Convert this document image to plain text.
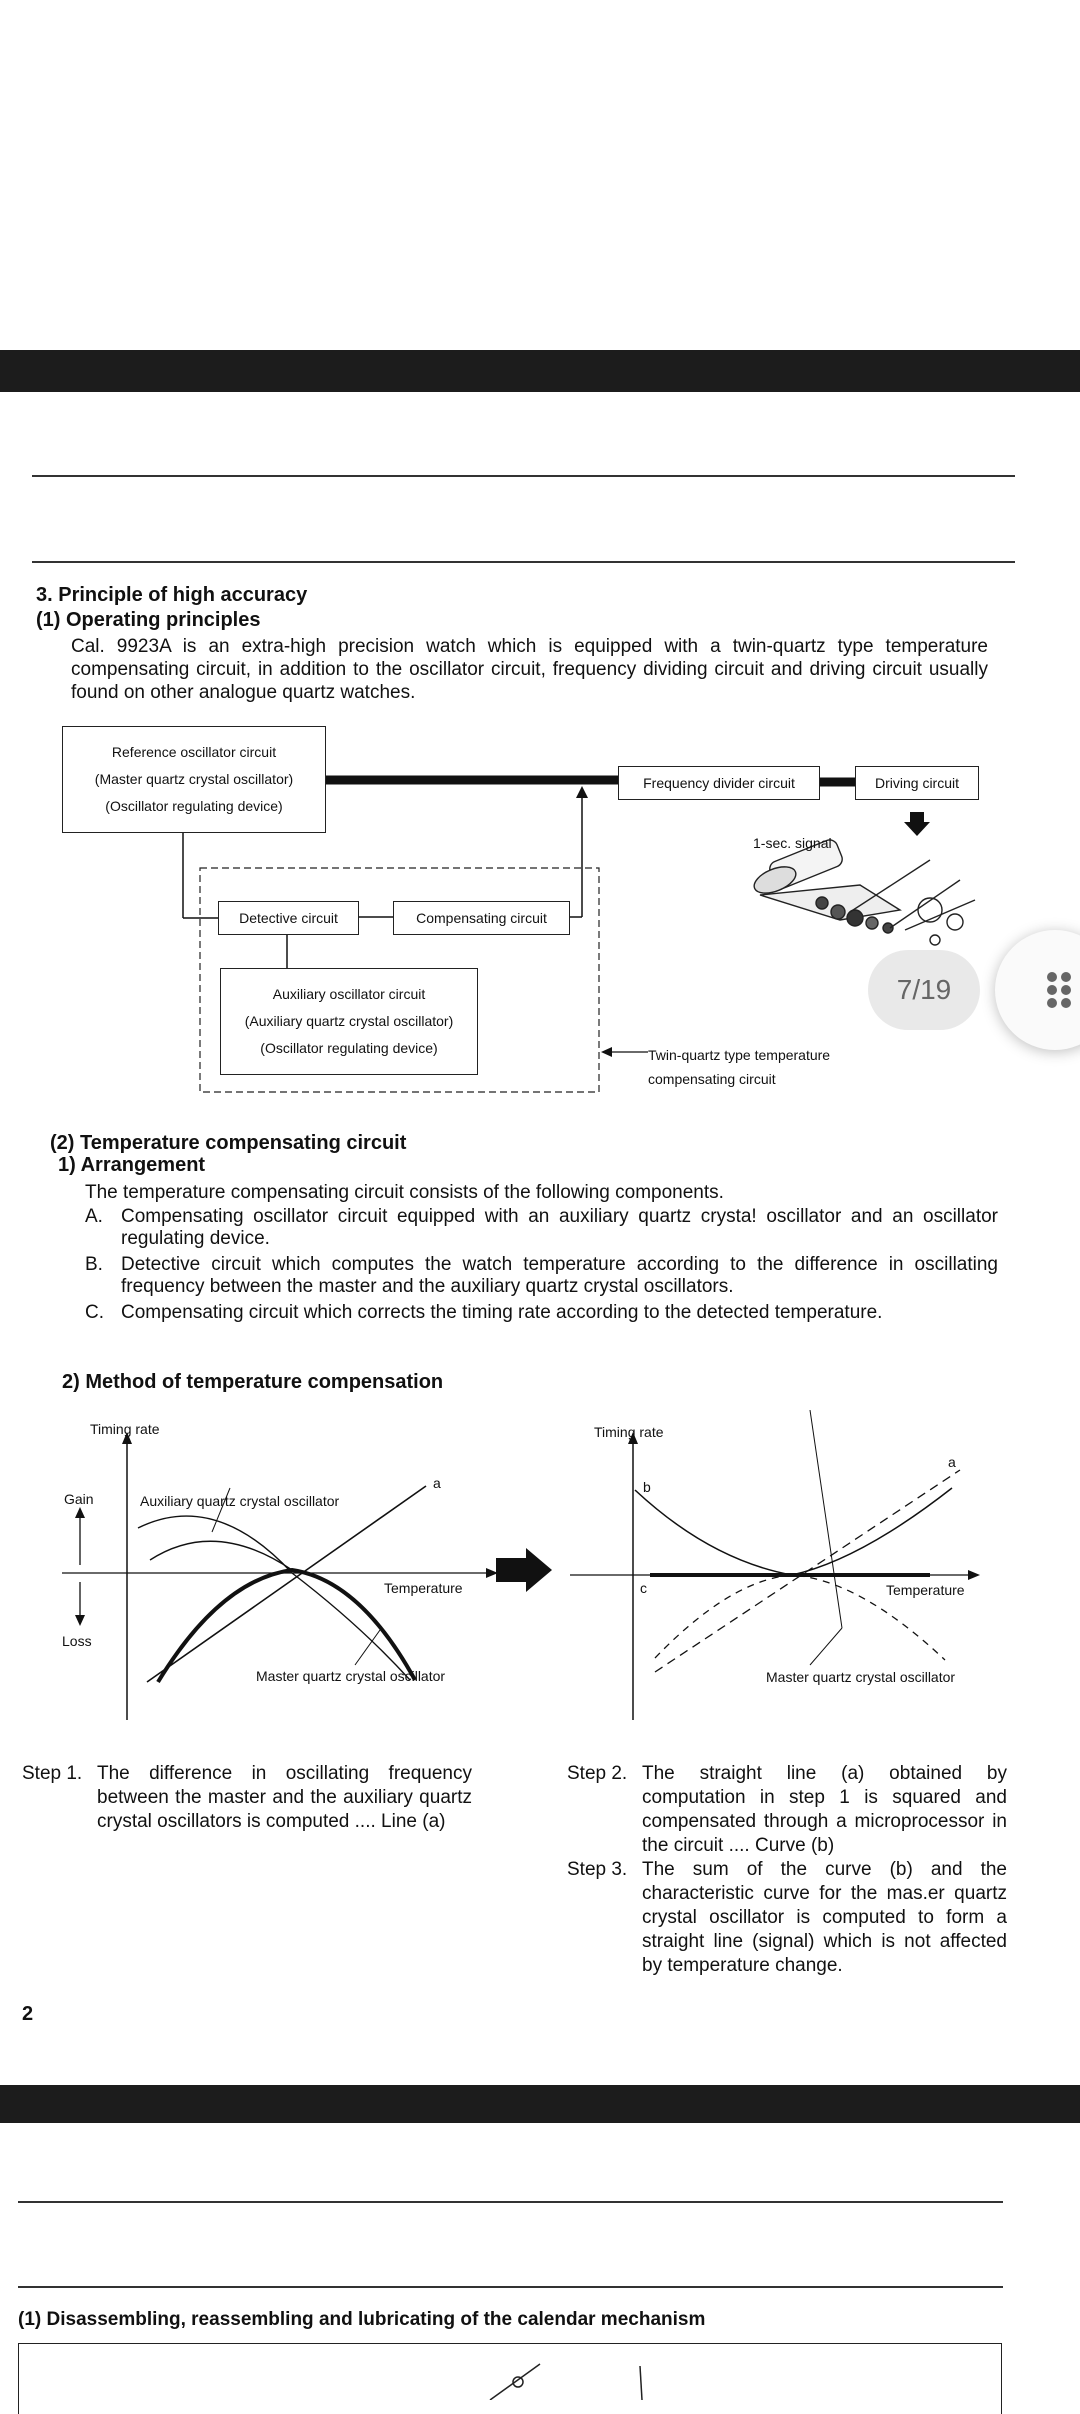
3. Principle of high accuracy
(1) Operating principles
Cal. 9923A is an extra-high precision watch which is equipped with a twin-quartz type temperature compensating circuit, in addition to the oscillator circuit, frequency dividing circuit and driving circuit usually found on other analogue quartz watches.
Reference oscillator circuit
(Master quartz crystal oscillator)
(Oscillator regulating device)
Frequency divider circuit	Driving circuit
1-sec. signal
Detective circuit	Compensating circuit
Auxiliary oscillator circuit
(Auxiliary quartz crystal oscillator)
(Oscillator regulating device)	Twin-quartz type temperature
compensating circuit
(2) Temperature compensating circuit
1) Arrangement
The temperature compensating circuit consists of the following components.
A. Compensating oscillator circuit equipped with an auxiliary quartz crysta! oscillator and an oscillator regulating device.
B. Detective circuit which computes the watch temperature according to the difference in oscillating frequency between the master and the auxiliary quartz crystal oscillators.
C. Compensating circuit which corrects the timing rate according to the detected temperature.
2) Method of temperature compensation
Timing rate
Gain
Loss
Auxiliary quartz crystal oscillator
a
Temperature
Master quartz crystal oscillator
Timing rate
b
a
c	Temperature
Master quartz crystal oscillator
Step 1. The difference in oscillating frequency between the master and the auxiliary quartz crystal oscillators is computed .... Line (a)
Step 2. The straight line (a) obtained by computation in step 1 is squared and compensated through a microprocessor in the circuit .... Curve (b)
Step 3. The sum of the curve (b) and the characteristic curve for the mas.er quartz crystal oscillator is computed to form a straight line (signal) which is not affected by temperature change.
2
(1) Disassembling, reassembling and lubricating of the calendar mechanism
7/19
